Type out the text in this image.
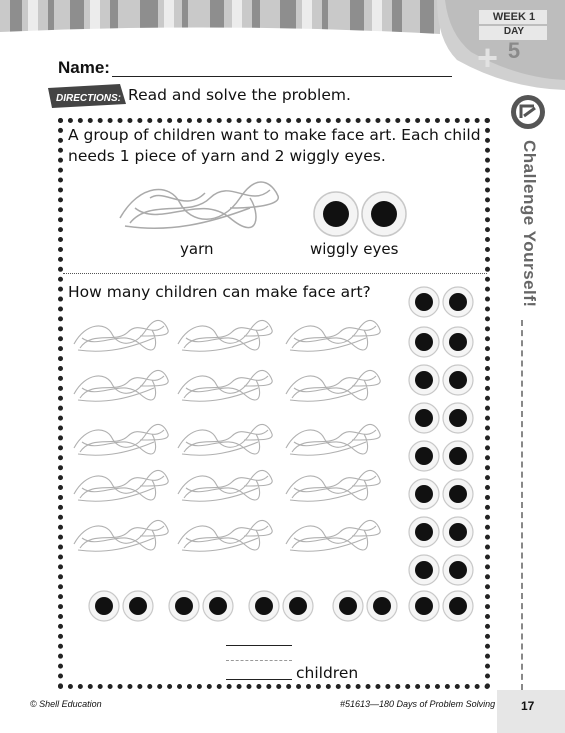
+
WEEK 1
DAY
5
Name:
DIRECTIONS: Read and solve the problem.
A group of children want to make face art. Each child needs 1 piece of yarn and 2 wiggly eyes.
yarn	wiggly eyes
How many children can make face art?
children
Challenge Yourself!
© Shell Education	#51613—180 Days of Problem Solving 17
